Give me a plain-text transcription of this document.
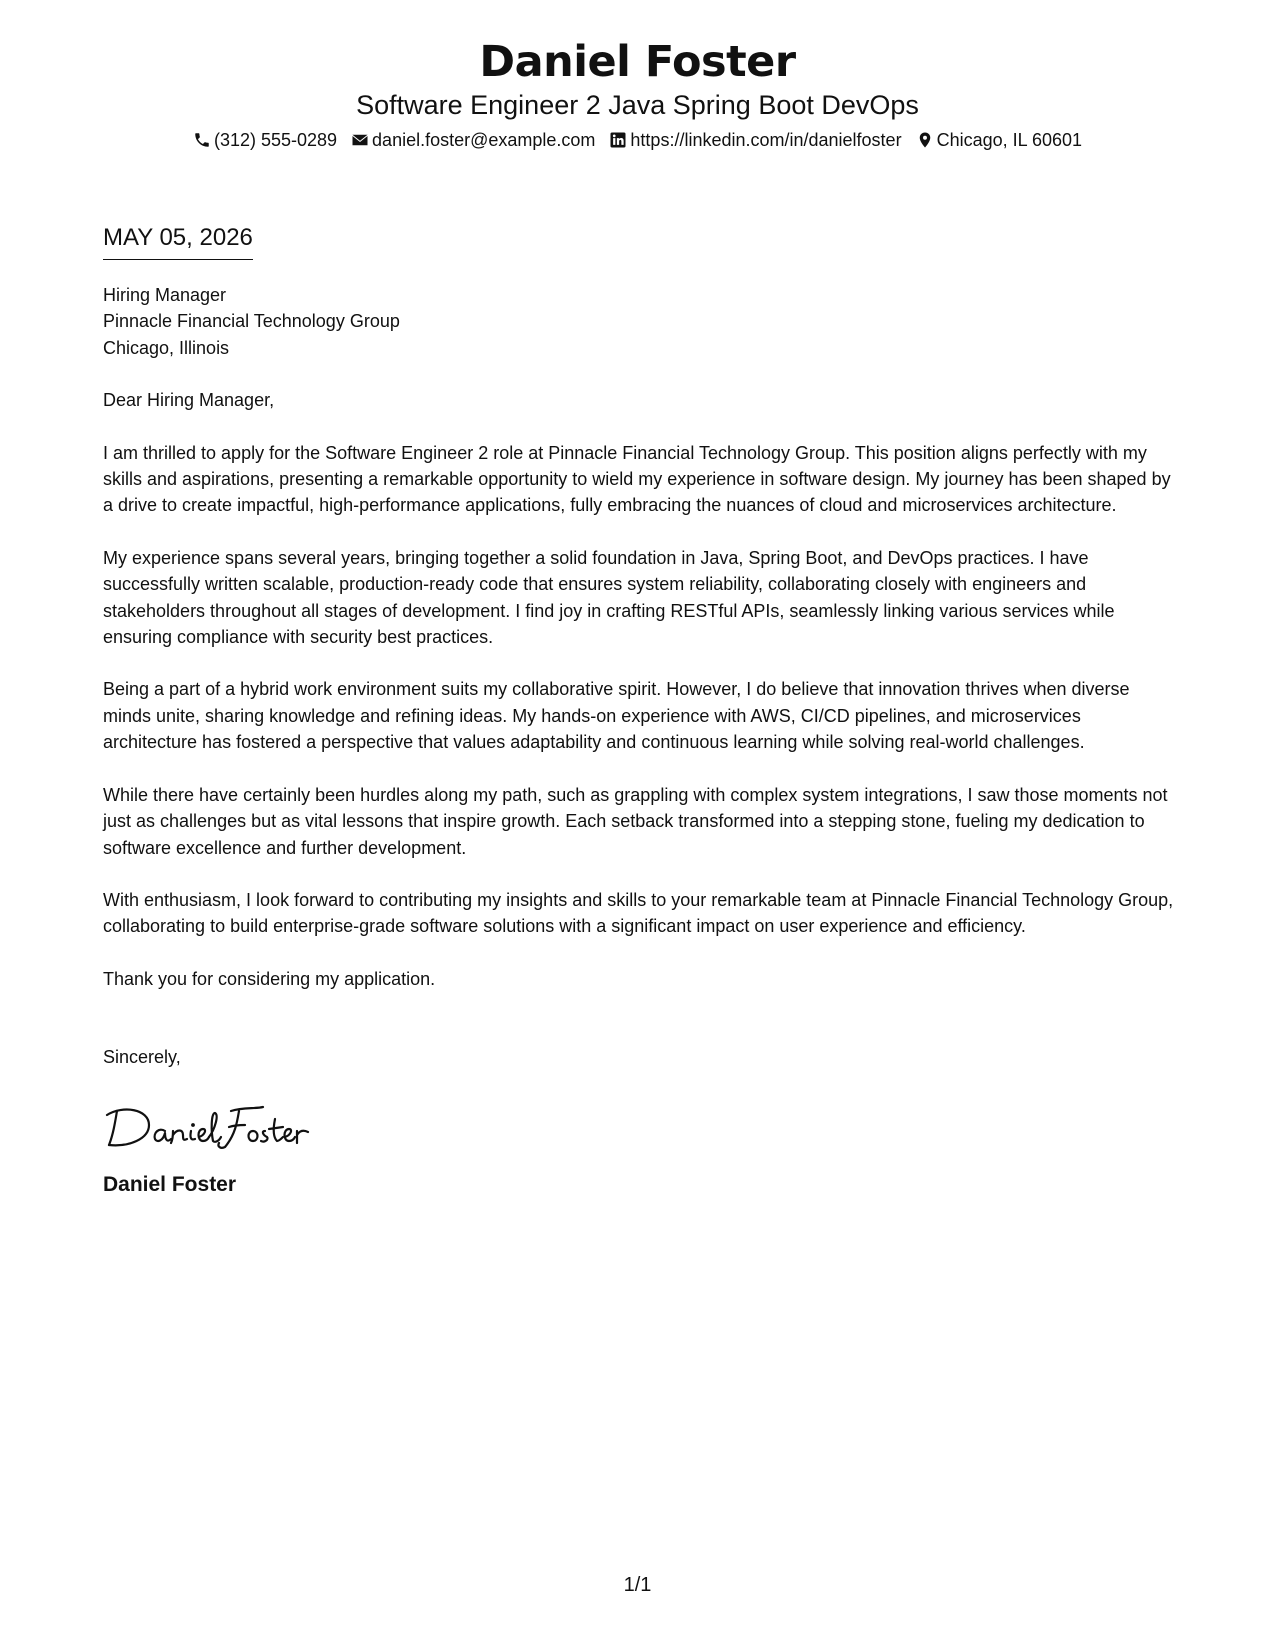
Daniel Foster
Software Engineer 2 Java Spring Boot DevOps
(312) 555-0289 daniel.foster@example.com https://linkedin.com/in/danielfoster Chicago, IL 60601
MAY 05, 2026
Hiring Manager
Pinnacle Financial Technology Group
Chicago, Illinois

Dear Hiring Manager,

I am thrilled to apply for the Software Engineer 2 role at Pinnacle Financial Technology Group. This position aligns perfectly with my skills and aspirations, presenting a remarkable opportunity to wield my experience in software design. My journey has been shaped by a drive to create impactful, high-performance applications, fully embracing the nuances of cloud and microservices architecture.

My experience spans several years, bringing together a solid foundation in Java, Spring Boot, and DevOps practices. I have successfully written scalable, production-ready code that ensures system reliability, collaborating closely with engineers and stakeholders throughout all stages of development. I find joy in crafting RESTful APIs, seamlessly linking various services while ensuring compliance with security best practices.

Being a part of a hybrid work environment suits my collaborative spirit. However, I do believe that innovation thrives when diverse minds unite, sharing knowledge and refining ideas. My hands-on experience with AWS, CI/CD pipelines, and microservices architecture has fostered a perspective that values adaptability and continuous learning while solving real-world challenges.

While there have certainly been hurdles along my path, such as grappling with complex system integrations, I saw those moments not just as challenges but as vital lessons that inspire growth. Each setback transformed into a stepping stone, fueling my dedication to software excellence and further development.

With enthusiasm, I look forward to contributing my insights and skills to your remarkable team at Pinnacle Financial Technology Group, collaborating to build enterprise-grade software solutions with a significant impact on user experience and efficiency.

Thank you for considering my application.

Sincerely,

Daniel Foster
1/1
